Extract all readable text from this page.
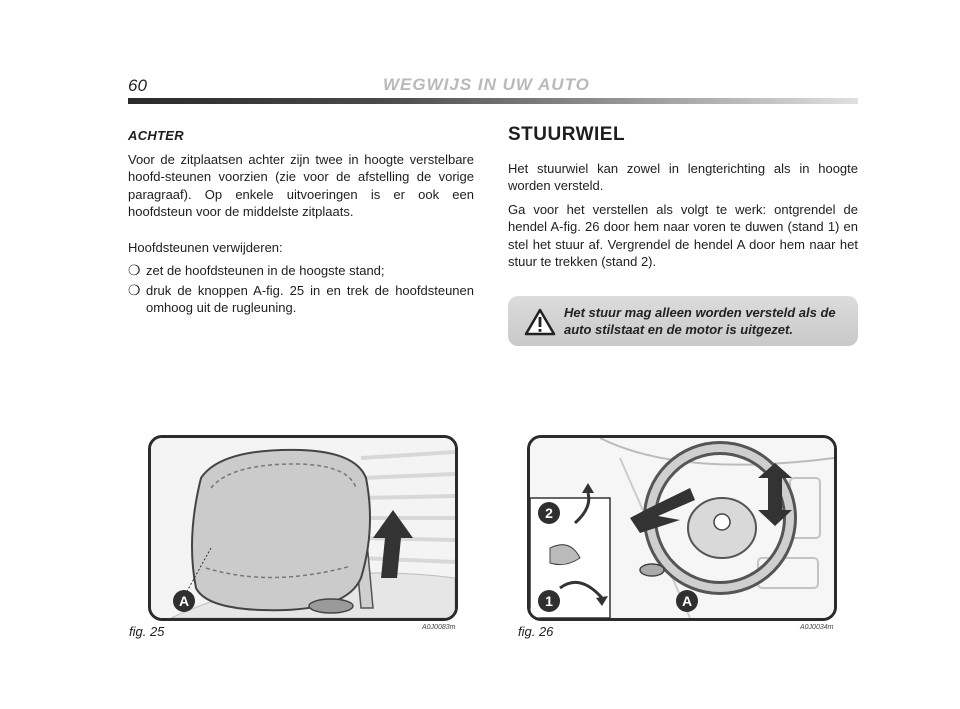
60	WEGWIJS IN UW AUTO
ACHTER

Voor de zitplaatsen achter zijn twee in hoogte verstelbare hoofd-steunen voorzien (zie voor de afstelling de vorige paragraaf). Op enkele uitvoeringen is er ook een hoofdsteun voor de middelste zitplaats.

Hoofdsteunen verwijderen:

❍ zet de hoofdsteunen in de hoogste stand;
❍ druk de knoppen A-fig. 25 in en trek de hoofdsteunen omhoog uit de rugleuning.
STUURWIEL

Het stuurwiel kan zowel in lengterichting als in hoogte worden versteld.

Ga voor het verstellen als volgt te werk: ontgrendel de hendel A-fig. 26 door hem naar voren te duwen (stand 1) en stel het stuur af. Vergrendel de hendel A door hem naar het stuur te trekken (stand 2).

Het stuur mag alleen worden versteld als de auto stilstaat en de motor is uitgezet.
A
fig. 25	A0J0083m
2
1	A
fig. 26	A0J0034m
